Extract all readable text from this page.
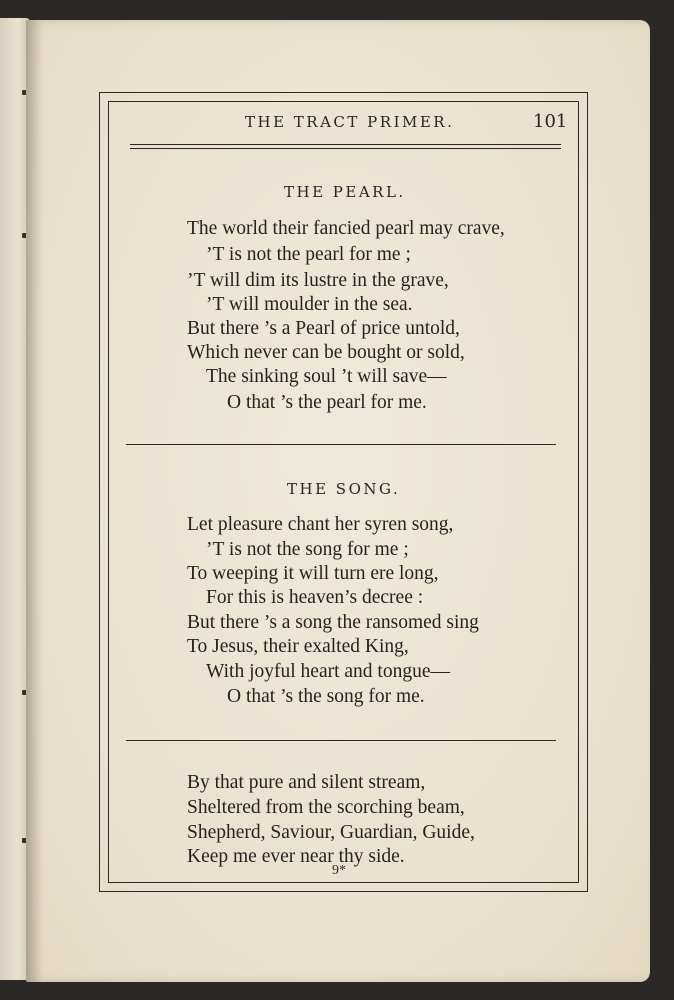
THE TRACT PRIMER.	101
THE PEARL.
The world their fancied pearl may crave,
’T is not the pearl for me ;
’T will dim its lustre in the grave,
’T will moulder in the sea.
But there ’s a Pearl of price untold,
Which never can be bought or sold,
The sinking soul ’t will save—
O that ’s the pearl for me.
THE SONG.
Let pleasure chant her syren song,
’T is not the song for me ;
To weeping it will turn ere long,
For this is heaven’s decree :
But there ’s a song the ransomed sing
To Jesus, their exalted King,
With joyful heart and tongue—
O that ’s the song for me.
By that pure and silent stream,
Sheltered from the scorching beam,
Shepherd, Saviour, Guardian, Guide,
Keep me ever near thy side.
9*
